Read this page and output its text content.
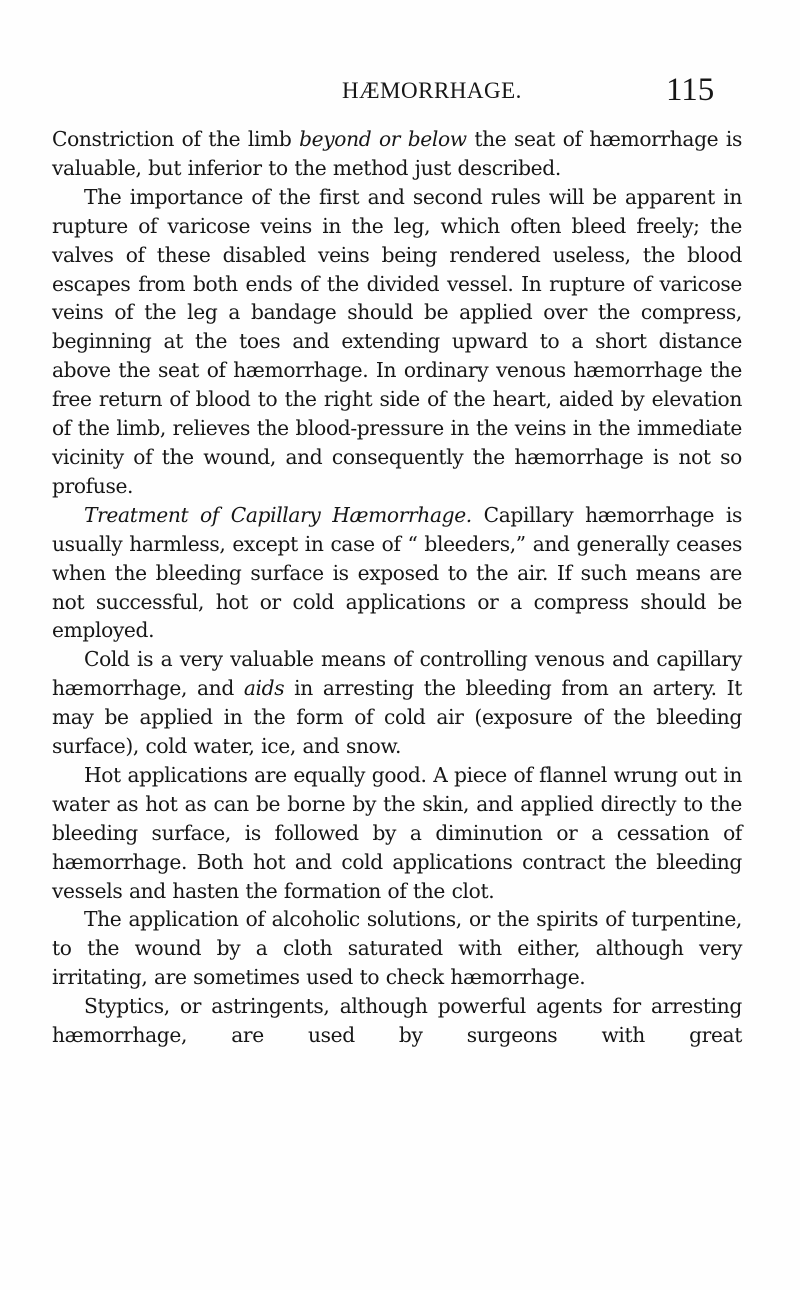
HÆMORRHAGE.	115

Constriction of the limb beyond or below the seat of hæmorrhage is valuable, but inferior to the method just described.

The importance of the first and second rules will be apparent in rupture of varicose veins in the leg, which often bleed freely; the valves of these disabled veins being rendered useless, the blood escapes from both ends of the divided vessel. In rupture of varicose veins of the leg a bandage should be applied over the compress, beginning at the toes and extending upward to a short distance above the seat of hæmorrhage. In ordinary venous hæmorrhage the free return of blood to the right side of the heart, aided by elevation of the limb, relieves the blood-pressure in the veins in the immediate vicinity of the wound, and consequently the hæmorrhage is not so profuse.

Treatment of Capillary Hæmorrhage. Capillary hæmorrhage is usually harmless, except in case of “ bleeders,” and generally ceases when the bleeding surface is exposed to the air. If such means are not successful, hot or cold applications or a compress should be employed.

Cold is a very valuable means of controlling venous and capillary hæmorrhage, and aids in arresting the bleeding from an artery. It may be applied in the form of cold air (exposure of the bleeding surface), cold water, ice, and snow.

Hot applications are equally good. A piece of flannel wrung out in water as hot as can be borne by the skin, and applied directly to the bleeding surface, is followed by a diminution or a cessation of hæmorrhage. Both hot and cold applications contract the bleeding vessels and hasten the formation of the clot.

The application of alcoholic solutions, or the spirits of turpentine, to the wound by a cloth saturated with either, although very irritating, are sometimes used to check hæmorrhage.

Styptics, or astringents, although powerful agents for arresting hæmorrhage, are used by surgeons with great
